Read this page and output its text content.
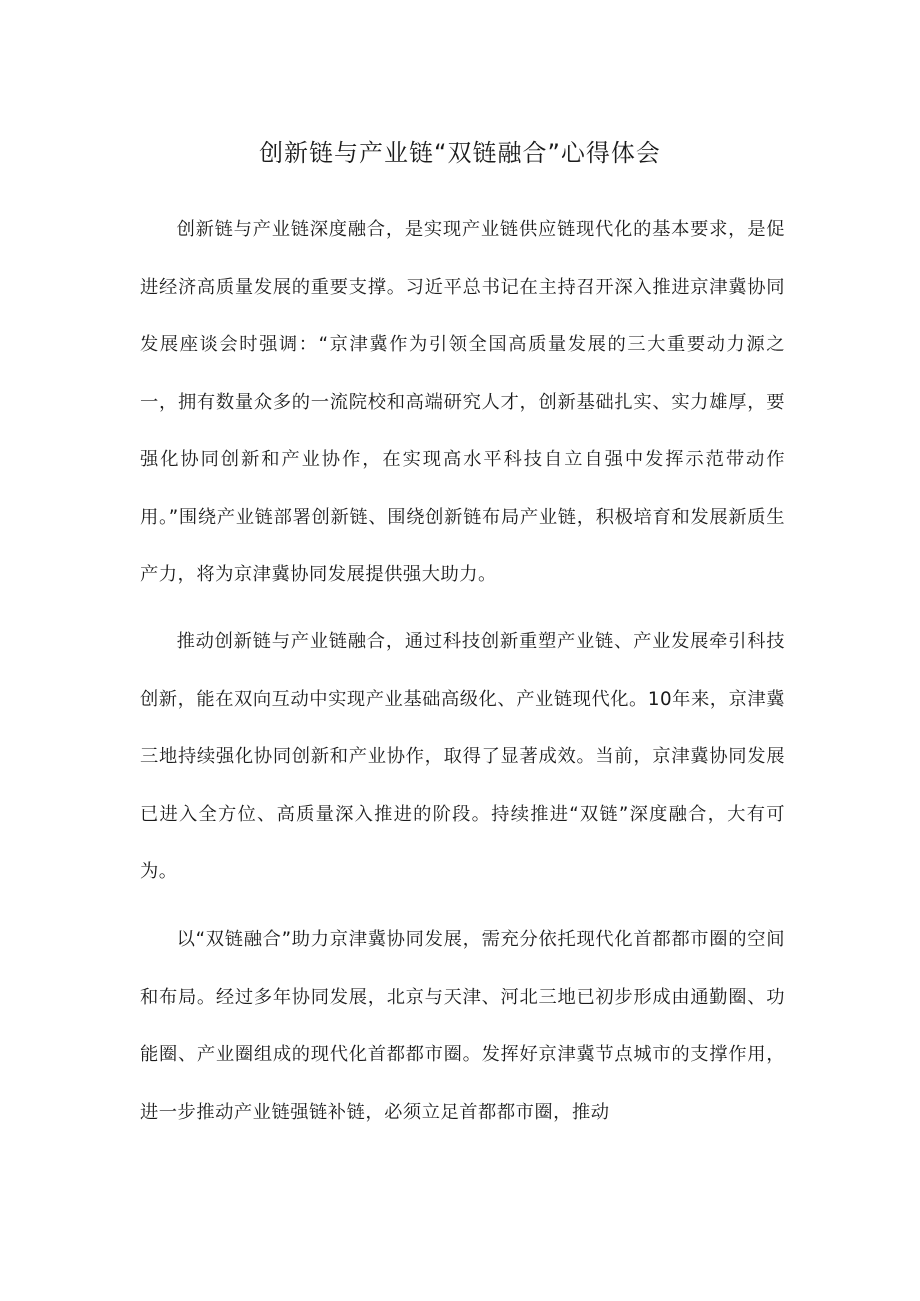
创新链与产业链“双链融合”心得体会

创新链与产业链深度融合，是实现产业链供应链现代化的基本要求，是促进经济高质量发展的重要支撑。习近平总书记在主持召开深入推进京津冀协同发展座谈会时强调：“京津冀作为引领全国高质量发展的三大重要动力源之一，拥有数量众多的一流院校和高端研究人才，创新基础扎实、实力雄厚，要强化协同创新和产业协作，在实现高水平科技自立自强中发挥示范带动作用。”围绕产业链部署创新链、围绕创新链布局产业链，积极培育和发展新质生产力，将为京津冀协同发展提供强大助力。

推动创新链与产业链融合，通过科技创新重塑产业链、产业发展牵引科技创新，能在双向互动中实现产业基础高级化、产业链现代化。10年来，京津冀三地持续强化协同创新和产业协作，取得了显著成效。当前，京津冀协同发展已进入全方位、高质量深入推进的阶段。持续推进“双链”深度融合，大有可为。

以“双链融合”助力京津冀协同发展，需充分依托现代化首都都市圈的空间和布局。经过多年协同发展，北京与天津、河北三地已初步形成由通勤圈、功能圈、产业圈组成的现代化首都都市圈。发挥好京津冀节点城市的支撑作用，进一步推动产业链强链补链，必须立足首都都市圈，推动
